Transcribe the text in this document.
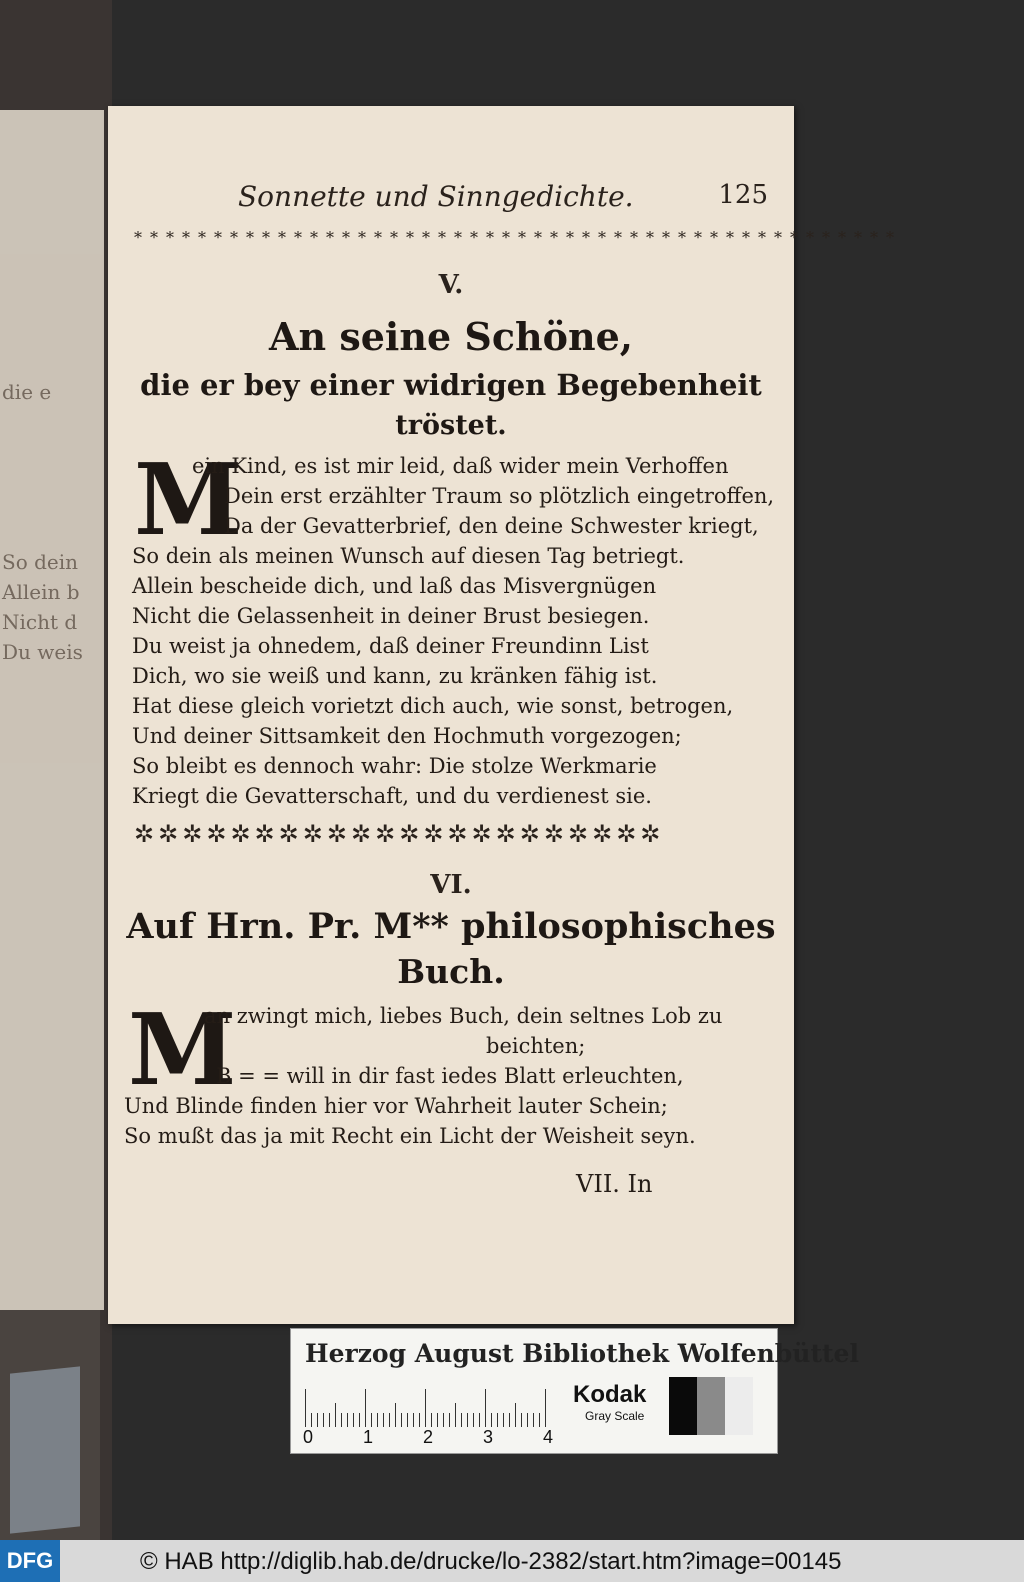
die e
So dein
Allein b
Nicht d
Du weis
Sonnette und Sinngedichte.	125
************************************************
V.
An seine Schöne,
die er bey einer widrigen Begebenheit
tröstet.
M
ein Kind, es ist mir leid, daß wider mein Verhoffen
Dein erst erzählter Traum so plötzlich eingetroffen,
Da der Gevatterbrief, den deine Schwester kriegt,
So dein als meinen Wunsch auf diesen Tag betriegt.
Allein bescheide dich, und laß das Misvergnügen
Nicht die Gelassenheit in deiner Brust besiegen.
Du weist ja ohnedem, daß deiner Freundinn List
Dich, wo sie weiß und kann, zu kränken fähig ist.
Hat diese gleich vorietzt dich auch, wie sonst, betrogen,
Und deiner Sittsamkeit den Hochmuth vorgezogen;
So bleibt es dennoch wahr: Die stolze Werkmarie
Kriegt die Gevatterschaft, und du verdienest sie.
✲✲✲✲✲✲✲✲✲✲✲✲✲✲✲✲✲✲✲✲✲✲
VI.
Auf Hrn. Pr. M** philosophisches
Buch.
M
an zwingt mich, liebes Buch, dein seltnes Lob zu
beichten;
B = = will in dir fast iedes Blatt erleuchten,
Und Blinde finden hier vor Wahrheit lauter Schein;
So mußt das ja mit Recht ein Licht der Weisheit seyn.
VII. In
Herzog August Bibliothek Wolfenbüttel
0	1	2	3	4
Kodak
Gray Scale
DFG	© HAB http://diglib.hab.de/drucke/lo-2382/start.htm?image=00145
